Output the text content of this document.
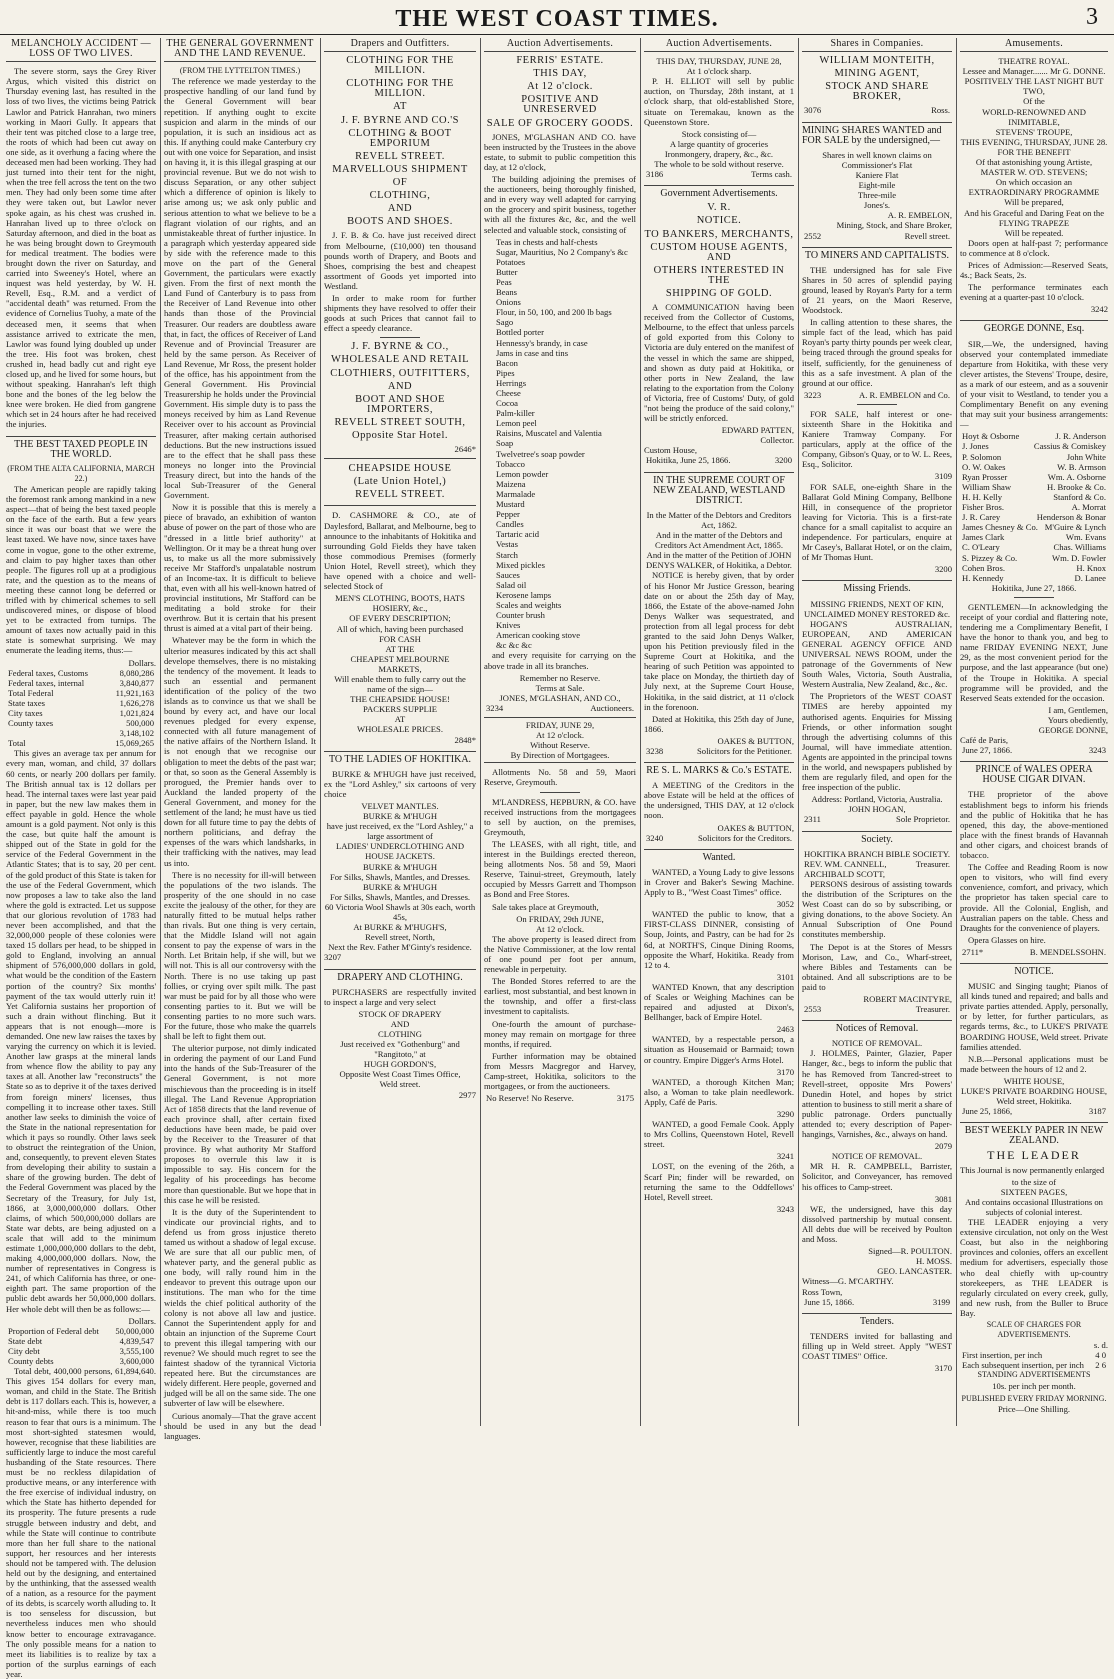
THE WEST COAST TIMES.	3
MELANCHOLY ACCIDENT — LOSS OF TWO LIVES.

The severe storm, says the Grey River Argus, which visited this district on Thursday evening last, has resulted in the loss of two lives, the victims being Patrick Lawlor and Patrick Hanrahan, two miners working in Maori Gully. It appears that their tent was pitched close to a large tree, the roots of which had been cut away on one side, as it overhung a facing where the deceased men had been working. They had just turned into their tent for the night, when the tree fell across the tent on the two men. They had only been some time after they were taken out, but Lawlor never spoke again, as his chest was crushed in. Hanrahan lived up to three o'clock on Saturday afternoon, and died in the boat as he was being brought down to Greymouth for medical treatment. The bodies were brought down the river on Saturday, and carried into Sweeney's Hotel, where an inquest was held yesterday, by W. H. Revell, Esq., R.M. and a verdict of "accidental death" was returned. From the evidence of Cornelius Tuohy, a mate of the deceased men, it seems that when assistance arrived to extricate the men, Lawlor was found lying doubled up under the tree. His foot was broken, chest crushed in, head badly cut and right eye closed up, and he lived for some hours, but without speaking. Hanrahan's left thigh bone and the bones of the leg below the knee were broken. He died from gangrene which set in 24 hours after he had received the injuries.

THE BEST TAXED PEOPLE IN THE WORLD.
(FROM THE ALTA CALIFORNIA, MARCH 22.)

The American people are rapidly taking the foremost rank among mankind in a new aspect—that of being the best taxed people on the face of the earth. But a few years since it was our boast that we were the least taxed. We have now, since taxes have come in vogue, gone to the other extreme, and claim to pay higher taxes than other people. The figures roll up at a prodigious rate, and the question as to the means of meeting these cannot long be deferred or trifled with by chimerical schemes to sell undiscovered mines, or dispose of blood yet to be extracted from turnips. The amount of taxes now actually paid in this state is somewhat surprising. We may enumerate the leading items, thus:—

Dollars.
Federal taxes, Customs	8,080,286
Federal taxes, internal	3,840,877
Total Federal	11,921,163
State taxes	1,626,278
City taxes	1,021,824
County taxes	500,000
3,148,102
Total	15,069,265

This gives an average tax per annum for every man, woman, and child, 37 dollars 60 cents, or nearly 200 dollars per family. The British annual tax is 12 dollars per head. The internal taxes were last year paid in paper, but the new law makes them in effect payable in gold. Hence the whole amount is a gold payment. Not only is this the case, but quite half the amount is shipped out of the State in gold for the service of the Federal Government in the Atlantic States; that is to say, 20 per cent. of the gold product of this State is taken for the use of the Federal Government, which now proposes a law to take also the land where the gold is extracted. Let us suppose that our glorious revolution of 1783 had never been accomplished, and that the 32,000,000 people of these colonies were taxed 15 dollars per head, to be shipped in gold to England, involving an annual shipment of 576,000,000 dollars in gold, what would be the condition of the Eastern portion of the country? Six months' payment of the tax would utterly ruin it! Yet California sustains her proportion of such a drain without flinching. But it appears that is not enough—more is demanded. One new law raises the taxes by varying the currency on which it is levied. Another law grasps at the mineral lands from whence flow the ability to pay any taxes at all. Another law "reconstructs" the State so as to deprive it of the taxes derived from foreign miners' licenses, thus compelling it to increase other taxes. Still another law seeks to diminish the voice of the State in the national representation for which it pays so roundly. Other laws seek to obstruct the reintegration of the Union, and, consequently, to prevent eleven States from developing their ability to sustain a share of the growing burden. The debt of the Federal Government was placed by the Secretary of the Treasury, for July 1st, 1866, at 3,000,000,000 dollars. Other claims, of which 500,000,000 dollars are State war debts, are being adjusted on a scale that will add to the minimum estimate 1,000,000,000 dollars to the debt, making 4,000,000,000 dollars. Now, the number of representatives in Congress is 241, of which California has three, or one-eighth part. The same proportion of the public debt awards her 50,000,000 dollars. Her whole debt will then be as follows:—

Dollars.
Proportion of Federal debt 50,000,000
State debt	4,839,547
City debt	3,555,100
County debts	3,600,000

Total debt, 400,000 persons, 61,894,640. This gives 154 dollars for every man, woman, and child in the State. The British debt is 117 dollars each. This is, however, a hit-and-miss, while there is too much reason to fear that ours is a minimum. The most short-sighted statesmen would, however, recognise that these liabilities are sufficiently large to induce the most careful husbanding of the State resources. There must be no reckless dilapidation of productive means, or any interference with the free exercise of individual industry, on which the State has hitherto depended for its prosperity. The future presents a rude struggle between industry and debt, and while the State will continue to contribute more than her full share to the national support, her resources and her interests should not be tampered with. The delusion held out by the designing, and entertained by the unthinking, that the assessed wealth of a nation, as a resource for the payment of its debts, is scarcely worth alluding to. It is too senseless for discussion, but nevertheless induces men who should know better to encourage extravagance. The only possible means for a nation to meet its liabilities is to realize by tax a portion of the surplus earnings of each year.

THE GENERAL GOVERNMENT AND THE LAND REVENUE.
(FROM THE LYTTELTON TIMES.)

The reference we made yesterday to the prospective handling of our land fund by the General Government will bear repetition. If anything ought to excite suspicion and alarm in the minds of our population, it is such an insidious act as this. If anything could make Canterbury cry out with one voice for Separation, and insist on having it, it is this illegal grasping at our provincial revenue. But we do not wish to discuss Separation, or any other subject which a difference of opinion is likely to arise among us; we ask only public and serious attention to what we believe to be a flagrant violation of our rights, and an unmistakeable threat of further injustice. In a paragraph which yesterday appeared side by side with the reference made to this move on the part of the General Government, the particulars were exactly given. From the first of next month the Land Fund of Canterbury is to pass from the Receiver of Land Revenue into other hands than those of the Provincial Treasurer. Our readers are doubtless aware that, in fact, the offices of Receiver of Land Revenue and of Provincial Treasurer are held by the same person. As Receiver of Land Revenue, Mr Ross, the present holder of the office, has his appointment from the General Government. His Provincial Treasurership he holds under the Provincial Government. His simple duty is to pass the moneys received by him as Land Revenue Receiver over to his account as Provincial Treasurer, after making certain authorised deductions. But the new instructions issued are to the effect that he shall pass these moneys no longer into the Provincial Treasury direct, but into the hands of the local Sub-Treasurer of the General Government.

Now it is possible that this is merely a piece of bravado, an exhibition of wanton abuse of power on the part of those who are "dressed in a little brief authority" at Wellington. Or it may be a threat hung over us, to make us all the more submissively receive Mr Stafford's unpalatable nostrum of an Income-tax. It is difficult to believe that, even with all his well-known hatred of provincial institutions, Mr Stafford can be meditating a bold stroke for their overthrow. But it is certain that his present thrust is aimed at a vital part of their being.

Whatever may be the form in which the ulterior measures indicated by this act shall develope themselves, there is no mistaking the tendency of the movement. It leads to such an essential and permanent identification of the policy of the two islands as to convince us that we shall be bound by every act, and have our local revenues pledged for every expense, connected with all future management of the native affairs of the Northern Island. It is not enough that we recognise our obligation to meet the debts of the past war; or that, so soon as the General Assembly is prorogued, the Premier hands over to Auckland the landed property of the General Government, and money for the settlement of the land; he must have us tied down for all future time to pay the debts of northern politicians, and defray the expenses of the wars which landsharks, in their trafficking with the natives, may lead us into.

There is no necessity for ill-will between the populations of the two islands. The prosperity of the one should in no case excite the jealousy of the other, for they are naturally fitted to be mutual helps rather than rivals. But one thing is very certain, that the Middle Island will not again consent to pay the expense of wars in the North. Let Britain help, if she will, but we will not. This is all our controversy with the North. There is no use taking up past follies, or crying over spilt milk. The past war must be paid for by all those who were consenting parties to it. But we will be consenting parties to no more such wars. For the future, those who make the quarrels shall be left to fight them out.

The ulterior purpose, not dimly indicated in ordering the payment of our Land Fund into the hands of the Sub-Treasurer of the General Government, is not more mischievous than the proceeding is in itself illegal. The Land Revenue Appropriation Act of 1858 directs that the land revenue of each province shall, after certain fixed deductions have been made, be paid over by the Receiver to the Treasurer of that province. By what authority Mr Stafford proposes to overrule this law it is impossible to say. His concern for the legality of his proceedings has become more than questionable. But we hope that in this case he will be resisted.

It is the duty of the Superintendent to vindicate our provincial rights, and to defend us from gross injustice thereto tamed us without a shadow of legal excuse. We are sure that all our public men, of whatever party, and the general public as one body, will rally round him in the endeavor to prevent this outrage upon our institutions. The man who for the time wields the chief political authority of the colony is not above all law and justice. Cannot the Superintendent apply for and obtain an injunction of the Supreme Court to prevent this illegal tampering with our revenue? We should much regret to see the faintest shadow of the tyrannical Victoria repeated here. But the circumstances are widely different. Here people, governed and judged will be all on the same side. The one subverter of law will be elsewhere.

Curious anomaly—That the grave accent should be used in any but the dead languages.

Drapers and Outfitters.
CLOTHING FOR THE MILLION.
CLOTHING FOR THE MILLION.
AT
J. F. BYRNE AND CO.'S
CLOTHING & BOOT EMPORIUM
REVELL STREET.
MARVELLOUS SHIPMENT
OF
CLOTHING,
AND
BOOTS AND SHOES.

J. F. B. & Co. have just received direct from Melbourne, (£10,000) ten thousand pounds worth of Drapery, and Boots and Shoes, comprising the best and cheapest assortment of Goods yet imported into Westland.

In order to make room for further shipments they have resolved to offer their goods at such Prices that cannot fail to effect a speedy clearance.

J. F. BYRNE & CO.,
WHOLESALE AND RETAIL
CLOTHIERS, OUTFITTERS,
AND
BOOT AND SHOE IMPORTERS,
REVELL STREET SOUTH,
Opposite Star Hotel.
2646*
CHEAPSIDE HOUSE
(Late Union Hotel,)
REVELL STREET.

D. CASHMORE & CO., ate of Daylesford, Ballarat, and Melbourne, beg to announce to the inhabitants of Hokitika and surrounding Gold Fields they have taken those commodious Premises (formerly Union Hotel, Revell street), which they have opened with a choice and well-selected Stock of

MEN'S CLOTHING, BOOTS, HATS
HOSIERY, &c.,
OF EVERY DESCRIPTION;
All of which, having been purchased
FOR CASH
AT THE
CHEAPEST MELBOURNE
MARKETS,
Will enable them to fully carry out the name of the sign—
THE CHEAPSIDE HOUSE!
PACKERS SUPPLIE
AT
WHOLESALE PRICES.
2848*
TO THE LADIES OF HOKITIKA.

BURKE & M'HUGH have just received, ex the "Lord Ashley," six cartoons of very choice

VELVET MANTLES.
BURKE & M'HUGH
have just received, ex the "Lord Ashley," a large assortment of
LADIES' UNDERCLOTHING AND HOUSE JACKETS.
BURKE & M'HUGH
For Silks, Shawls, Mantles, and Dresses.
BURKE & M'HUGH
For Silks, Shawls, Mantles, and Dresses.
60 Victoria Wool Shawls at 30s each, worth 45s,
At BURKE & M'HUGH'S,
Revell street, North,
Next the Rev. Father M'Ginty's residence.
3207
DRAPERY AND CLOTHING.

PURCHASERS are respectfully invited to inspect a large and very select

STOCK OF DRAPERY
AND
CLOTHING
Just received ex "Gothenburg" and "Rangitoto," at
HUGH GORDON'S,
Opposite West Coast Times Office,
Weld street.
2977
Auction Advertisements.
FERRIS' ESTATE.
THIS DAY,
At 12 o'clock.
POSITIVE AND UNRESERVED
SALE OF GROCERY GOODS.

JONES, M'GLASHAN AND CO. have been instructed by the Trustees in the above estate, to submit to public competition this day, at 12 o'clock,

The building adjoining the premises of the auctioneers, being thoroughly finished, and in every way well adapted for carrying on the grocery and spirit business, together with all the fixtures &c, &c, and the well selected and valuable stock, consisting of

Teas in chests and half-chests
Sugar, Mauritius, No 2 Company's &c
Potatoes
Butter
Peas
Beans
Onions
Flour, in 50, 100, and 200 lb bags
Sago
Bottled porter
Hennessy's brandy, in case
Jams in case and tins
Bacon
Pipes
Herrings
Cheese
Cocoa
Palm-killer
Lemon peel
Raisins, Muscatel and Valentia
Soap
Twelvetree's soap powder
Tobacco
Lemon powder
Maizena
Marmalade
Mustard
Pepper
Candles
Tartaric acid
Vestas
Starch
Mixed pickles
Sauces
Salad oil
Kerosene lamps
Scales and weights
Counter brush
Knives
American cooking stove
&c &c &c

and every requisite for carrying on the above trade in all its branches.

Remember no Reserve.
Terms at Sale.
JONES, M'GLASHAN, AND CO.,
3234	Auctioneers.
FRIDAY, JUNE 29,
At 12 o'clock.
Without Reserve.
By Direction of Mortgagees.

Allotments No. 58 and 59, Maori Reserve, Greymouth.

M'LANDRESS, HEPBURN, & CO. have received instructions from the mortgagees to sell by auction, on the premises, Greymouth,

The LEASES, with all right, title, and interest in the Buildings erected thereon, being allotments Nos. 58 and 59, Maori Reserve, Tainui-street, Greymouth, lately occupied by Messrs Garrett and Thompson as Bond and Free Stores.

Sale takes place at Greymouth,

On FRIDAY, 29th JUNE,
At 12 o'clock.

The above property is leased direct from the Native Commissioner, at the low rental of one pound per foot per annum, renewable in perpetuity.

The Bonded Stores referred to are the earliest, most substantial, and best known in the township, and offer a first-class investment to capitalists.

One-fourth the amount of purchase-money may remain on mortgage for three months, if required.

Further information may be obtained from Messrs Macgregor and Harvey, Camp-street, Hokitika, solicitors to the mortgagees, or from the auctioneers.

No Reserve! No Reserve.	3175
Auction Advertisements.
THIS DAY, THURSDAY, JUNE 28,
At 1 o'clock sharp.

P. H. ELLIOT will sell by public auction, on Thursday, 28th instant, at 1 o'clock sharp, that old-established Store, situate on Teremakau, known as the Queenstown Store.

Stock consisting of—
A large quantity of groceries
Ironmongery, drapery, &c., &c.
The whole to be sold without reserve.
3186	Terms cash.
Government Advertisements.
V. R.
NOTICE.
TO BANKERS, MERCHANTS,
CUSTOM HOUSE AGENTS, AND
OTHERS INTERESTED IN THE
SHIPPING OF GOLD.

A COMMUNICATION having been received from the Collector of Customs, Melbourne, to the effect that unless parcels of gold exported from this Colony to Victoria are duly entered on the manifest of the vessel in which the same are shipped, and shown as duty paid at Hokitika, or other ports in New Zealand, the law relating to the exportation from the Colony of Victoria, free of Customs' Duty, of gold "not being the produce of the said colony," will be strictly enforced.

EDWARD PATTEN,
Collector.
Custom House,
Hokitika, June 25, 1866.	3200
IN THE SUPREME COURT OF NEW ZEALAND, WESTLAND DISTRICT.
In the Matter of the Debtors and Creditors Act, 1862.
And in the matter of the Debtors and Creditors Act Amendment Act, 1865.
And in the matter of the Petition of JOHN DENYS WALKER, of Hokitika, a Debtor.

NOTICE is hereby given, that by order of his Honor Mr Justice Gresson, bearing date on or about the 25th day of May, 1866, the Estate of the above-named John Denys Walker was sequestrated, and protection from all legal process for debt granted to the said John Denys Walker, upon his Petition previously filed in the Supreme Court at Hokitika, and the hearing of such Petition was appointed to take place on Monday, the thirtieth day of July next, at the Supreme Court House, Hokitika, in the said district, at 11 o'clock in the forenoon.

Dated at Hokitika, this 25th day of June, 1866.

OAKES & BUTTON,
3238	Solicitors for the Petitioner.
RE S. L. MARKS & Co.'s ESTATE.

A MEETING of the Creditors in the above Estate will be held at the offices of the undersigned, THIS DAY, at 12 o'clock noon.

OAKES & BUTTON,
3240	Solicitors for the Creditors.
Wanted.

WANTED, a Young Lady to give lessons in Crover and Baker's Sewing Machine. Apply to B., "West Coast Times" office.

3052

WANTED the public to know, that a FIRST-CLASS DINNER, consisting of Soup, Joints, and Pastry, can be had for 2s 6d, at NORTH'S, Cinque Dining Rooms, opposite the Wharf, Hokitika. Ready from 12 to 4.

3101

WANTED Known, that any description of Scales or Weighing Machines can be repaired and adjusted at Dixon's, Bellhanger, back of Empire Hotel.

2463

WANTED, by a respectable person, a situation as Housemaid or Barmaid; town or country. Empire Digger's Arms Hotel.

3170

WANTED, a thorough Kitchen Man; also, a Woman to take plain needlework. Apply, Café de Paris.

3290

WANTED, a good Female Cook. Apply to Mrs Collins, Queenstown Hotel, Revell street.

3241

LOST, on the evening of the 26th, a Scarf Pin; finder will be rewarded, on returning the same to the Oddfellows' Hotel, Revell street.

3243
Shares in Companies.
WILLIAM MONTEITH,
MINING AGENT,
STOCK AND SHARE BROKER,
3076	Ross.
MINING SHARES WANTED and FOR SALE by the undersigned,—
Shares in well known claims on
Commissioner's Flat
Kaniere Flat
Eight-mile
Three-mile
Jones's.
A. R. EMBELON,
Mining, Stock, and Share Broker,
2552	Revell street.
TO MINERS AND CAPITALISTS.

THE undersigned has for sale Five Shares in 50 acres of splendid paying ground, leased by Royan's Party for a term of 21 years, on the Maori Reserve, Woodstock.

In calling attention to these shares, the simple fact of the lead, which has paid Royan's party thirty pounds per week clear, being traced through the ground speaks for itself, sufficiently, for the genuineness of this as a safe investment. A plan of the ground at our office.

3223	A. R. EMBELON and Co.

FOR SALE, half interest or one-sixteenth Share in the Hokitika and Kaniere Tramway Company. For particulars, apply at the office of the Company, Gibson's Quay, or to W. L. Rees, Esq., Solicitor.

3109

FOR SALE, one-eighth Share in the Ballarat Gold Mining Company, Bellbone Hill, in consequence of the proprietor leaving for Victoria. This is a first-rate chance for a small capitalist to acquire an independence. For particulars, enquire at Mr Casey's, Ballarat Hotel, or on the claim, of Mr Thomas Hunt.

3200
Missing Friends.
MISSING FRIENDS, NEXT OF KIN, UNCLAIMED MONEY RESTORED &c.

HOGAN'S AUSTRALIAN, EUROPEAN, AND AMERICAN GENERAL AGENCY OFFICE AND UNIVERSAL NEWS ROOM, under the patronage of the Governments of New South Wales, Victoria, South Australia, Western Australia, New Zealand, &c., &c.

The Proprietors of the WEST COAST TIMES are hereby appointed my authorised agents. Enquiries for Missing Friends, or other information sought through the advertising columns of this Journal, will have immediate attention. Agents are appointed in the principal towns in the world, and newspapers published by them are regularly filed, and open for the free inspection of the public.

Address: Portland, Victoria, Australia.
JOHN HOGAN,
2311	Sole Proprietor.
Society.
HOKITIKA BRANCH BIBLE SOCIETY.
REV. WM. CANNELL,
ARCHIBALD SCOTT,
Treasurer.

PERSONS desirous of assisting towards the distribution of the Scriptures on the West Coast can do so by subscribing, or giving donations, to the above Society. An Annual Subscription of One Pound constitutes membership.

The Depot is at the Stores of Messrs Morison, Law, and Co., Wharf-street, where Bibles and Testaments can be obtained. And all subscriptions are to be paid to

ROBERT MACINTYRE,
2553	Treasurer.
Notices of Removal.
NOTICE OF REMOVAL.

J. HOLMES, Painter, Glazier, Paper Hanger, &c., begs to inform the public that he has Removed from Tancred-street to Revell-street, opposite Mrs Powers' Dunedin Hotel, and hopes by strict attention to business to still merit a share of public patronage. Orders punctually attended to; every description of Paper-hangings, Varnishes, &c., always on hand.

2079
NOTICE OF REMOVAL.

MR H. R. CAMPBELL, Barrister, Solicitor, and Conveyancer, has removed his offices to Camp-street.

3081

WE, the undersigned, have this day dissolved partnership by mutual consent. All debts due will be received by Poulton and Moss.

Signed—R. POULTON.
H. MOSS.
GEO. LANCASTER.
Witness—G. M'CARTHY.
Ross Town,
June 15, 1866.	3199
Tenders.

TENDERS invited for ballasting and filling up in Weld street. Apply "WEST COAST TIMES" Office.

3170
Amusements.
THEATRE ROYAL.
Lessee and Manager....... Mr G. DONNE.
POSITIVELY THE LAST NIGHT BUT TWO,
Of the
WORLD-RENOWNED AND INIMITABLE,
STEVENS' TROUPE,
THIS EVENING, THURSDAY, JUNE 28.
FOR THE BENEFIT
Of that astonishing young Artiste,
MASTER W. O'D. STEVENS;
On which occasion an
EXTRAORDINARY PROGRAMME
Will be prepared,
And his Graceful and Daring Feat on the
FLYING TRAPEZE
Will be repeated.

Doors open at half-past 7; performance to commence at 8 o'clock.

Prices of Admission:—Reserved Seats, 4s.; Back Seats, 2s.

The performance terminates each evening at a quarter-past 10 o'clock.

3242
GEORGE DONNE, Esq.

SIR,—We, the undersigned, having observed your contemplated immediate departure from Hokitika, with these very clever artistes, the Stevens' Troupe, desire, as a mark of our esteem, and as a souvenir of your visit to Westland, to tender you a Complimentary Benefit on any evening that may suit your business arrangements:—

Hoyt & Osborne	J. R. Anderson
J. Jones	Cassius & Comiskey
P. Solomon	John White
O. W. Oakes	W. B. Armson
Ryan Prosser	Wm. A. Osborne
William Shaw	H. Brooke & Co.
H. H. Kelly	Stanford & Co.
Fisher Bros.	A. Morrat
J. R. Carey	Henderson & Bonar
James Chesney & Co. M'Guire & Lynch
James Clark	Wm. Evans
C. O'Leary	Chas. Williams
S. Pizzey & Co.	Wm. D. Fowler
Cohen Bros.	H. Knox
H. Kennedy	D. Lanee
Hokitika, June 27, 1866.

GENTLEMEN—In acknowledging the receipt of your cordial and flattering note, tendering me a Complimentary Benefit, I have the honor to thank you, and beg to name FRIDAY EVENING NEXT, June 29, as the most convenient period for the purpose, and the last appearance (but one) of the Troupe in Hokitika. A special programme will be provided, and the Reserved Seats extended for the occasion.

I am, Gentlemen,
Yours obediently,
GEORGE DONNE,
Café de Paris,
June 27, 1866.	3243
PRINCE of WALES OPERA HOUSE CIGAR DIVAN.

THE proprietor of the above establishment begs to inform his friends and the public of Hokitika that he has opened, this day, the above-mentioned place with the finest brands of Havannah and other cigars, and choicest brands of tobacco.

The Coffee and Reading Room is now open to visitors, who will find every convenience, comfort, and privacy, which the proprietor has taken special care to provide. All the Colonial, English, and Australian papers on the table. Chess and Draughts for the convenience of players.

Opera Glasses on hire.

2711*	B. MENDELSSOHN.
NOTICE.

MUSIC and Singing taught; Pianos of all kinds tuned and repaired; and balls and private parties attended. Apply, personally, or by letter, for further particulars, as regards terms, &c., to LUKE'S PRIVATE BOARDING HOUSE, Weld street. Private families attended.

N.B.—Personal applications must be made between the hours of 12 and 2.

WHITE HOUSE,
LUKE'S PRIVATE BOARDING HOUSE,
Weld street, Hokitika.
June 25, 1866,	3187
BEST WEEKLY PAPER IN NEW ZEALAND.
THE LEADER

This Journal is now permanently enlarged

to the size of
SIXTEEN PAGES,
And contains occasional Illustrations on
subjects of colonial interest.

THE LEADER enjoying a very extensive circulation, not only on the West Coast, but also in the neighboring provinces and colonies, offers an excellent medium for advertisers, especially those who deal chiefly with up-country storekeepers, as THE LEADER is regularly circulated on every creek, gully, and new rush, from the Buller to Bruce Bay.

SCALE OF CHARGES FOR ADVERTISEMENTS.
s. d.
First insertion, per inch	4 0
Each subsequent insertion, per inch 2 6
STANDING ADVERTISEMENTS
10s. per inch per month.
PUBLISHED EVERY FRIDAY MORNING.
Price—One Shilling.
